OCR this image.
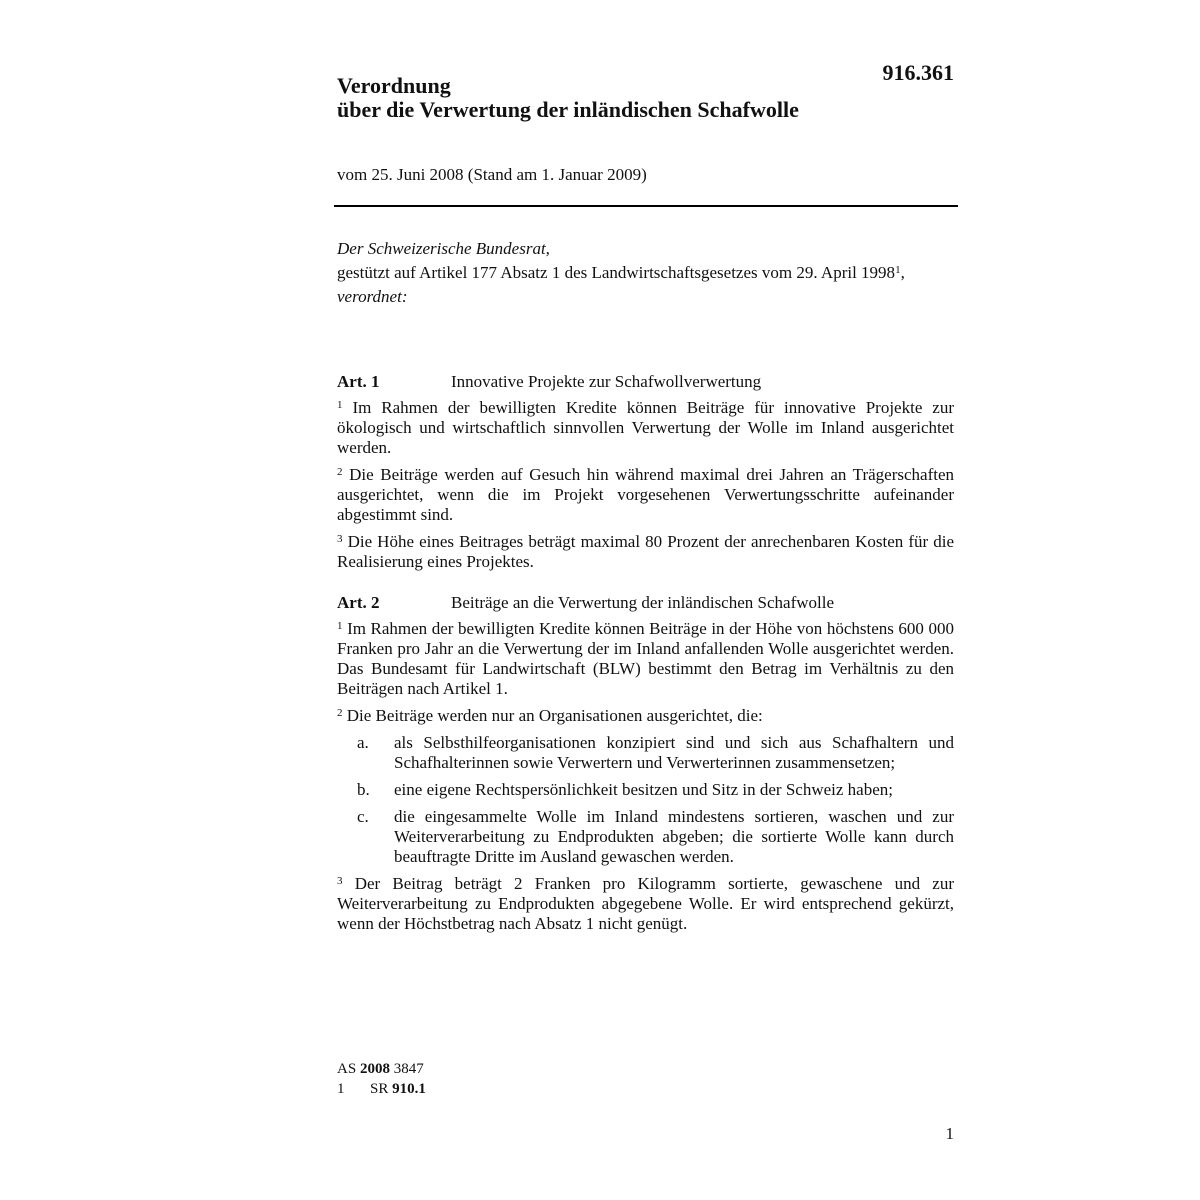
916.361
Verordnung
über die Verwertung der inländischen Schafwolle
vom 25. Juni 2008 (Stand am 1. Januar 2009)
Der Schweizerische Bundesrat,
gestützt auf Artikel 177 Absatz 1 des Landwirtschaftsgesetzes vom 29. April 1998$^1$,
verordnet:
Art. 1	Innovative Projekte zur Schafwollverwertung

$^1$ Im Rahmen der bewilligten Kredite können Beiträge für innovative Projekte zur ökologisch und wirtschaftlich sinnvollen Verwertung der Wolle im Inland ausgerichtet werden.

$^2$ Die Beiträge werden auf Gesuch hin während maximal drei Jahren an Trägerschaften ausgerichtet, wenn die im Projekt vorgesehenen Verwertungsschritte aufeinander abgestimmt sind.

$^3$ Die Höhe eines Beitrages beträgt maximal 80 Prozent der anrechenbaren Kosten für die Realisierung eines Projektes.

Art. 2	Beiträge an die Verwertung der inländischen Schafwolle

$^1$ Im Rahmen der bewilligten Kredite können Beiträge in der Höhe von höchstens 600 000 Franken pro Jahr an die Verwertung der im Inland anfallenden Wolle ausgerichtet werden. Das Bundesamt für Landwirtschaft (BLW) bestimmt den Betrag im Verhältnis zu den Beiträgen nach Artikel 1.

$^2$ Die Beiträge werden nur an Organisationen ausgerichtet, die:

a.	als Selbsthilfeorganisationen konzipiert sind und sich aus Schafhaltern und Schafhalterinnen sowie Verwertern und Verwerterinnen zusammensetzen;
b.	eine eigene Rechtspersönlichkeit besitzen und Sitz in der Schweiz haben;
c.	die eingesammelte Wolle im Inland mindestens sortieren, waschen und zur Weiterverarbeitung zu Endprodukten abgeben; die sortierte Wolle kann durch beauftragte Dritte im Ausland gewaschen werden.

$^3$ Der Beitrag beträgt 2 Franken pro Kilogramm sortierte, gewaschene und zur Weiterverarbeitung zu Endprodukten abgegebene Wolle. Er wird entsprechend gekürzt, wenn der Höchstbetrag nach Absatz 1 nicht genügt.

AS 2008 3847
1	SR 910.1
1
